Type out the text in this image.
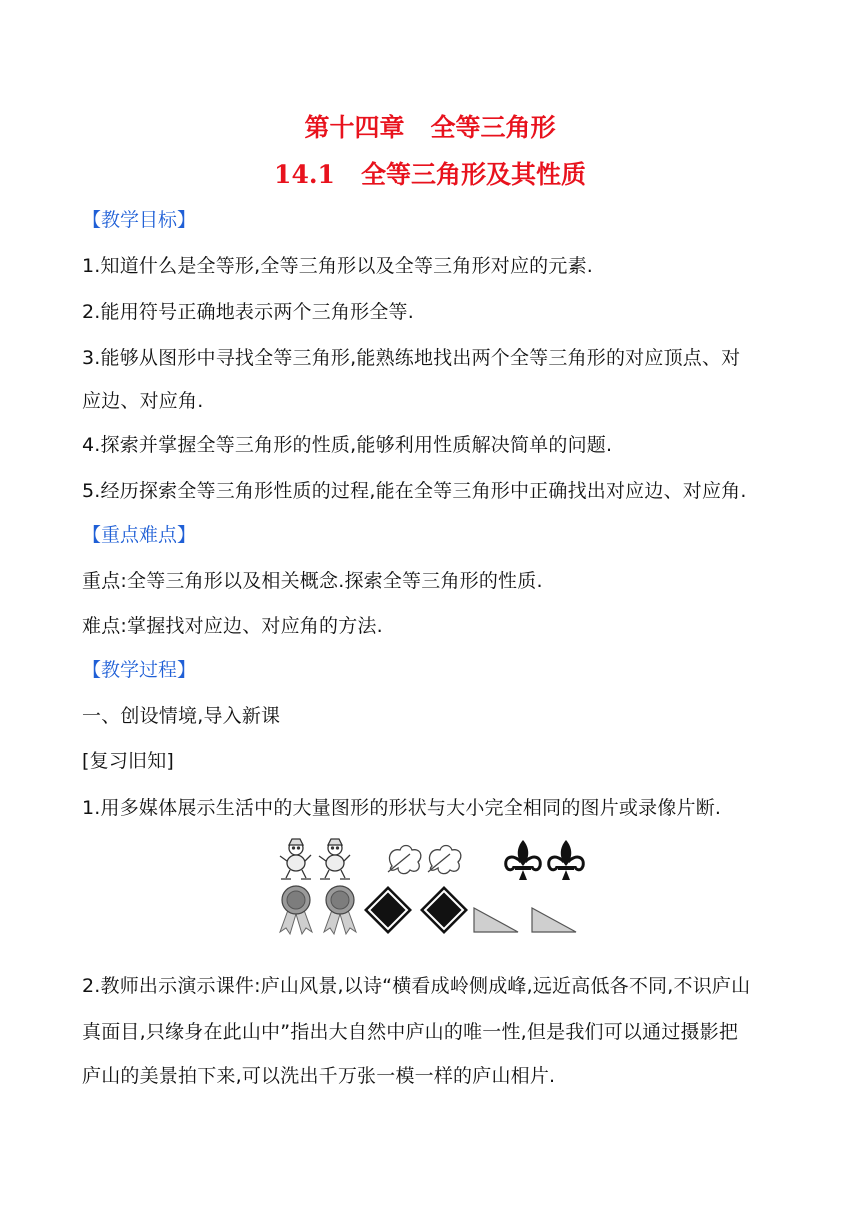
第十四章 全等三角形
14.1 全等三角形及其性质
【教学目标】
1.知道什么是全等形,全等三角形以及全等三角形对应的元素.
2.能用符号正确地表示两个三角形全等.
3.能够从图形中寻找全等三角形,能熟练地找出两个全等三角形的对应顶点、对
应边、对应角.
4.探索并掌握全等三角形的性质,能够利用性质解决简单的问题.
5.经历探索全等三角形性质的过程,能在全等三角形中正确找出对应边、对应角.
【重点难点】
重点:全等三角形以及相关概念.探索全等三角形的性质.
难点:掌握找对应边、对应角的方法.
【教学过程】
一、创设情境,导入新课
[复习旧知]
1.用多媒体展示生活中的大量图形的形状与大小完全相同的图片或录像片断.
2.教师出示演示课件:庐山风景,以诗“横看成岭侧成峰,远近高低各不同,不识庐山
真面目,只缘身在此山中”指出大自然中庐山的唯一性,但是我们可以通过摄影把
庐山的美景拍下来,可以洗出千万张一模一样的庐山相片.
